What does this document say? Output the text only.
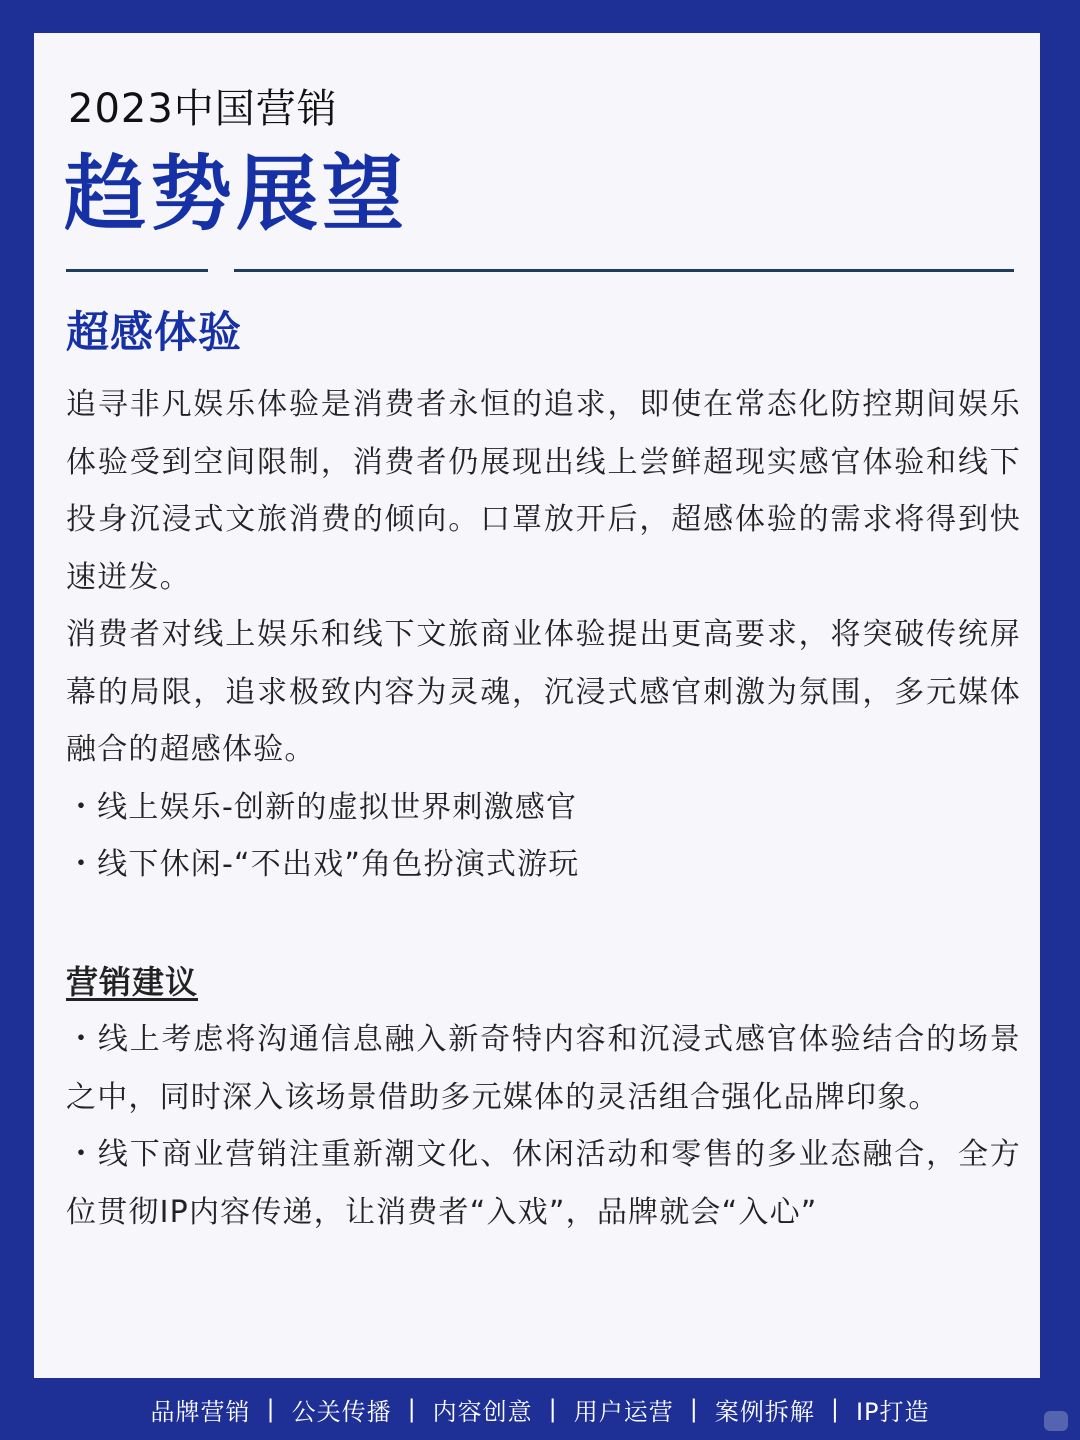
2023中国营销
趋势展望
超感体验

追寻非凡娱乐体验是消费者永恒的追求，即使在常态化防控期间娱乐体验受到空间限制，消费者仍展现出线上尝鲜超现实感官体验和线下投身沉浸式文旅消费的倾向。口罩放开后，超感体验的需求将得到快速迸发。

消费者对线上娱乐和线下文旅商业体验提出更高要求，将突破传统屏幕的局限，追求极致内容为灵魂，沉浸式感官刺激为氛围，多元媒体融合的超感体验。

・线上娱乐-创新的虚拟世界刺激感官

・线下休闲-“不出戏”角色扮演式游玩

营销建议

・线上考虑将沟通信息融入新奇特内容和沉浸式感官体验结合的场景之中，同时深入该场景借助多元媒体的灵活组合强化品牌印象。

・线下商业营销注重新潮文化、休闲活动和零售的多业态融合，全方位贯彻IP内容传递，让消费者“入戏”，品牌就会“入心”

品牌营销 | 公关传播 | 内容创意 | 用户运营 | 案例拆解 | IP打造
